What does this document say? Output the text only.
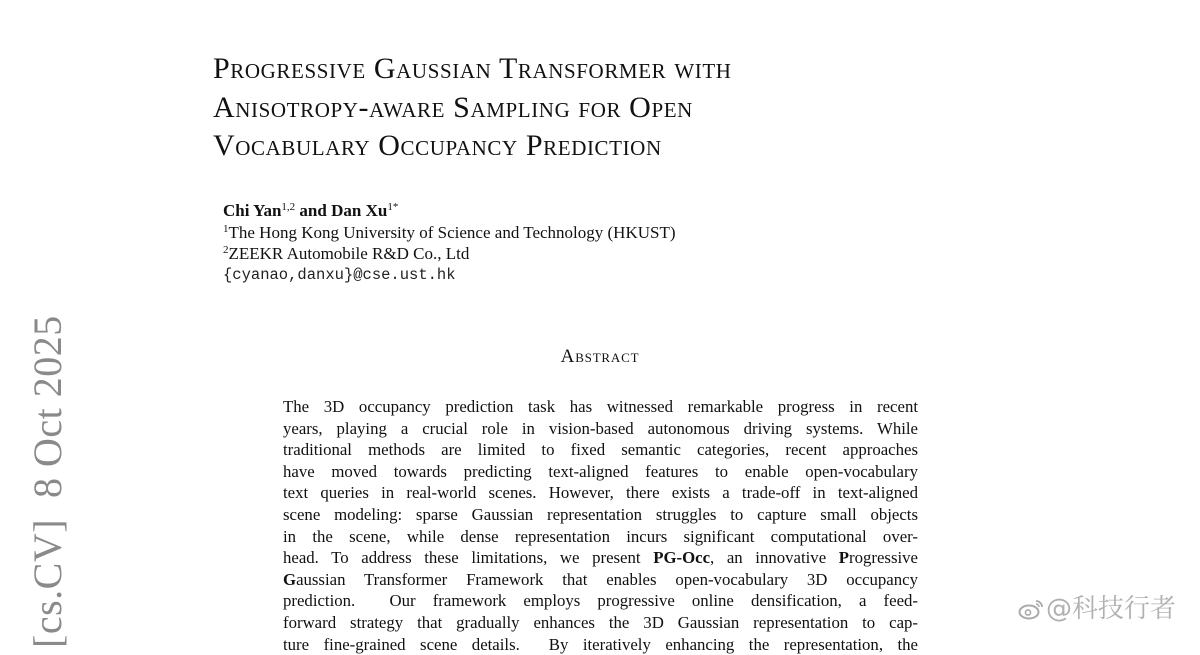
Progressive Gaussian Transformer with
Anisotropy-aware Sampling for Open
Vocabulary Occupancy Prediction
Chi Yan$^{1,2}$ and Dan $Xu^{1*}$
$^1$The Hong Kong University of Science and Technology (HKUST)
$^2$ZEEKR Automobile R&D Co., Ltd
{cyanao,danxu}@cse.ust.hk
Abstract
The 3D occupancy prediction task has witnessed remarkable progress in recent
years, playing a crucial role in vision-based autonomous driving systems. While
traditional methods are limited to fixed semantic categories, recent approaches
have moved towards predicting text-aligned features to enable open-vocabulary
text queries in real-world scenes. However, there exists a trade-off in text-aligned
scene modeling: sparse Gaussian representation struggles to capture small objects
in the scene, while dense representation incurs significant computational over-
head. To address these limitations, we present PG-Occ, an innovative Progressive
Gaussian Transformer Framework that enables open-vocabulary 3D occupancy
prediction.  Our framework employs progressive online densification, a feed-
forward strategy that gradually enhances the 3D Gaussian representation to cap-
ture fine-grained scene details.  By iteratively enhancing the representation, the
[cs.CV]  8 Oct 2025	@科技行者
